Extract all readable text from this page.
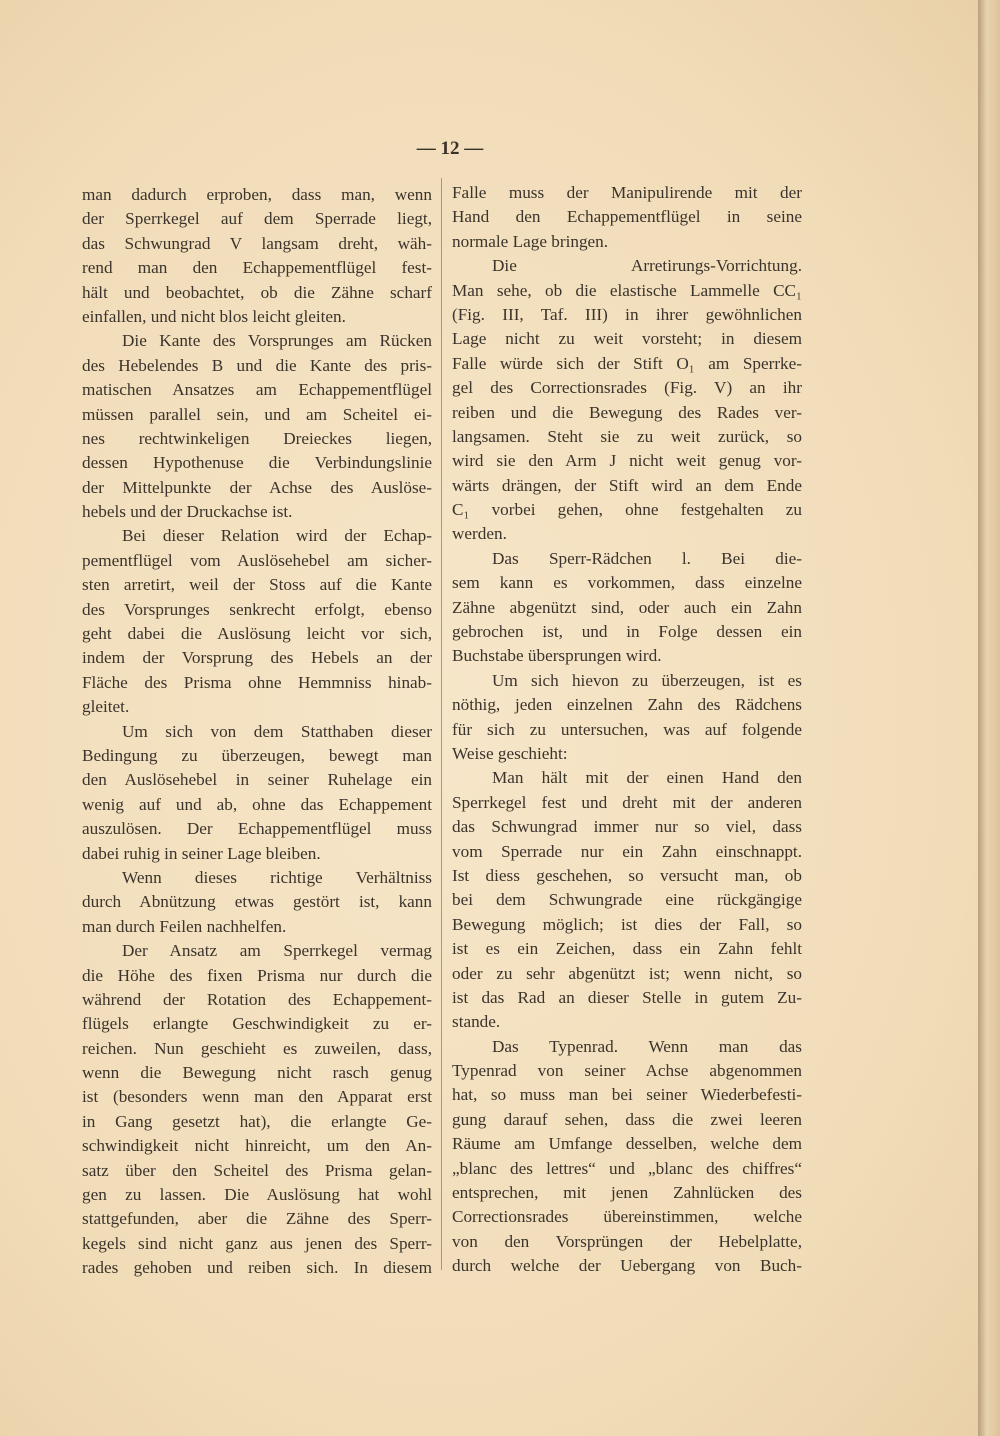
— 12 —
man dadurch erproben, dass man, wenn
der Sperrkegel auf dem Sperrade liegt,
das Schwungrad V langsam dreht, wäh-
rend man den Echappementflügel fest-
hält und beobachtet, ob die Zähne scharf
einfallen, und nicht blos leicht gleiten.
Die Kante des Vorsprunges am Rücken
des Hebelendes B und die Kante des pris-
matischen Ansatzes am Echappementflügel
müssen parallel sein, und am Scheitel ei-
nes rechtwinkeligen Dreieckes liegen,
dessen Hypothenuse die Verbindungslinie
der Mittelpunkte der Achse des Auslöse-
hebels und der Druckachse ist.
Bei dieser Relation wird der Echap-
pementflügel vom Auslösehebel am sicher-
sten arretirt, weil der Stoss auf die Kante
des Vorsprunges senkrecht erfolgt, ebenso
geht dabei die Auslösung leicht vor sich,
indem der Vorsprung des Hebels an der
Fläche des Prisma ohne Hemmniss hinab-
gleitet.
Um sich von dem Statthaben dieser
Bedingung zu überzeugen, bewegt man
den Auslösehebel in seiner Ruhelage ein
wenig auf und ab, ohne das Echappement
auszulösen. Der Echappementflügel muss
dabei ruhig in seiner Lage bleiben.
Wenn dieses richtige Verhältniss
durch Abnützung etwas gestört ist, kann
man durch Feilen nachhelfen.
Der Ansatz am Sperrkegel vermag
die Höhe des fixen Prisma nur durch die
während der Rotation des Echappement-
flügels erlangte Geschwindigkeit zu er-
reichen. Nun geschieht es zuweilen, dass,
wenn die Bewegung nicht rasch genug
ist (besonders wenn man den Apparat erst
in Gang gesetzt hat), die erlangte Ge-
schwindigkeit nicht hinreicht, um den An-
satz über den Scheitel des Prisma gelan-
gen zu lassen. Die Auslösung hat wohl
stattgefunden, aber die Zähne des Sperr-
kegels sind nicht ganz aus jenen des Sperr-
rades gehoben und reiben sich. In diesem
Falle muss der Manipulirende mit der
Hand den Echappementflügel in seine
normale Lage bringen.
Die Arretirungs-Vorrichtung.
Man sehe, ob die elastische Lammelle CC₁
(Fig. III, Taf. III) in ihrer gewöhnlichen
Lage nicht zu weit vorsteht; in diesem
Falle würde sich der Stift O₁ am Sperrke-
gel des Correctionsrades (Fig. V) an ihr
reiben und die Bewegung des Rades ver-
langsamen. Steht sie zu weit zurück, so
wird sie den Arm J nicht weit genug vor-
wärts drängen, der Stift wird an dem Ende
C₁ vorbei gehen, ohne festgehalten zu
werden.
Das Sperr-Rädchen l. Bei die-
sem kann es vorkommen, dass einzelne
Zähne abgenützt sind, oder auch ein Zahn
gebrochen ist, und in Folge dessen ein
Buchstabe übersprungen wird.
Um sich hievon zu überzeugen, ist es
nöthig, jeden einzelnen Zahn des Rädchens
für sich zu untersuchen, was auf folgende
Weise geschieht:
Man hält mit der einen Hand den
Sperrkegel fest und dreht mit der anderen
das Schwungrad immer nur so viel, dass
vom Sperrade nur ein Zahn einschnappt.
Ist diess geschehen, so versucht man, ob
bei dem Schwungrade eine rückgängige
Bewegung möglich; ist dies der Fall, so
ist es ein Zeichen, dass ein Zahn fehlt
oder zu sehr abgenützt ist; wenn nicht, so
ist das Rad an dieser Stelle in gutem Zu-
stande.
Das Typenrad. Wenn man das
Typenrad von seiner Achse abgenommen
hat, so muss man bei seiner Wiederbefesti-
gung darauf sehen, dass die zwei leeren
Räume am Umfange desselben, welche dem
„blanc des lettres“ und „blanc des chiffres“
entsprechen, mit jenen Zahnlücken des
Correctionsrades übereinstimmen, welche
von den Vorsprüngen der Hebelplatte,
durch welche der Uebergang von Buch-
